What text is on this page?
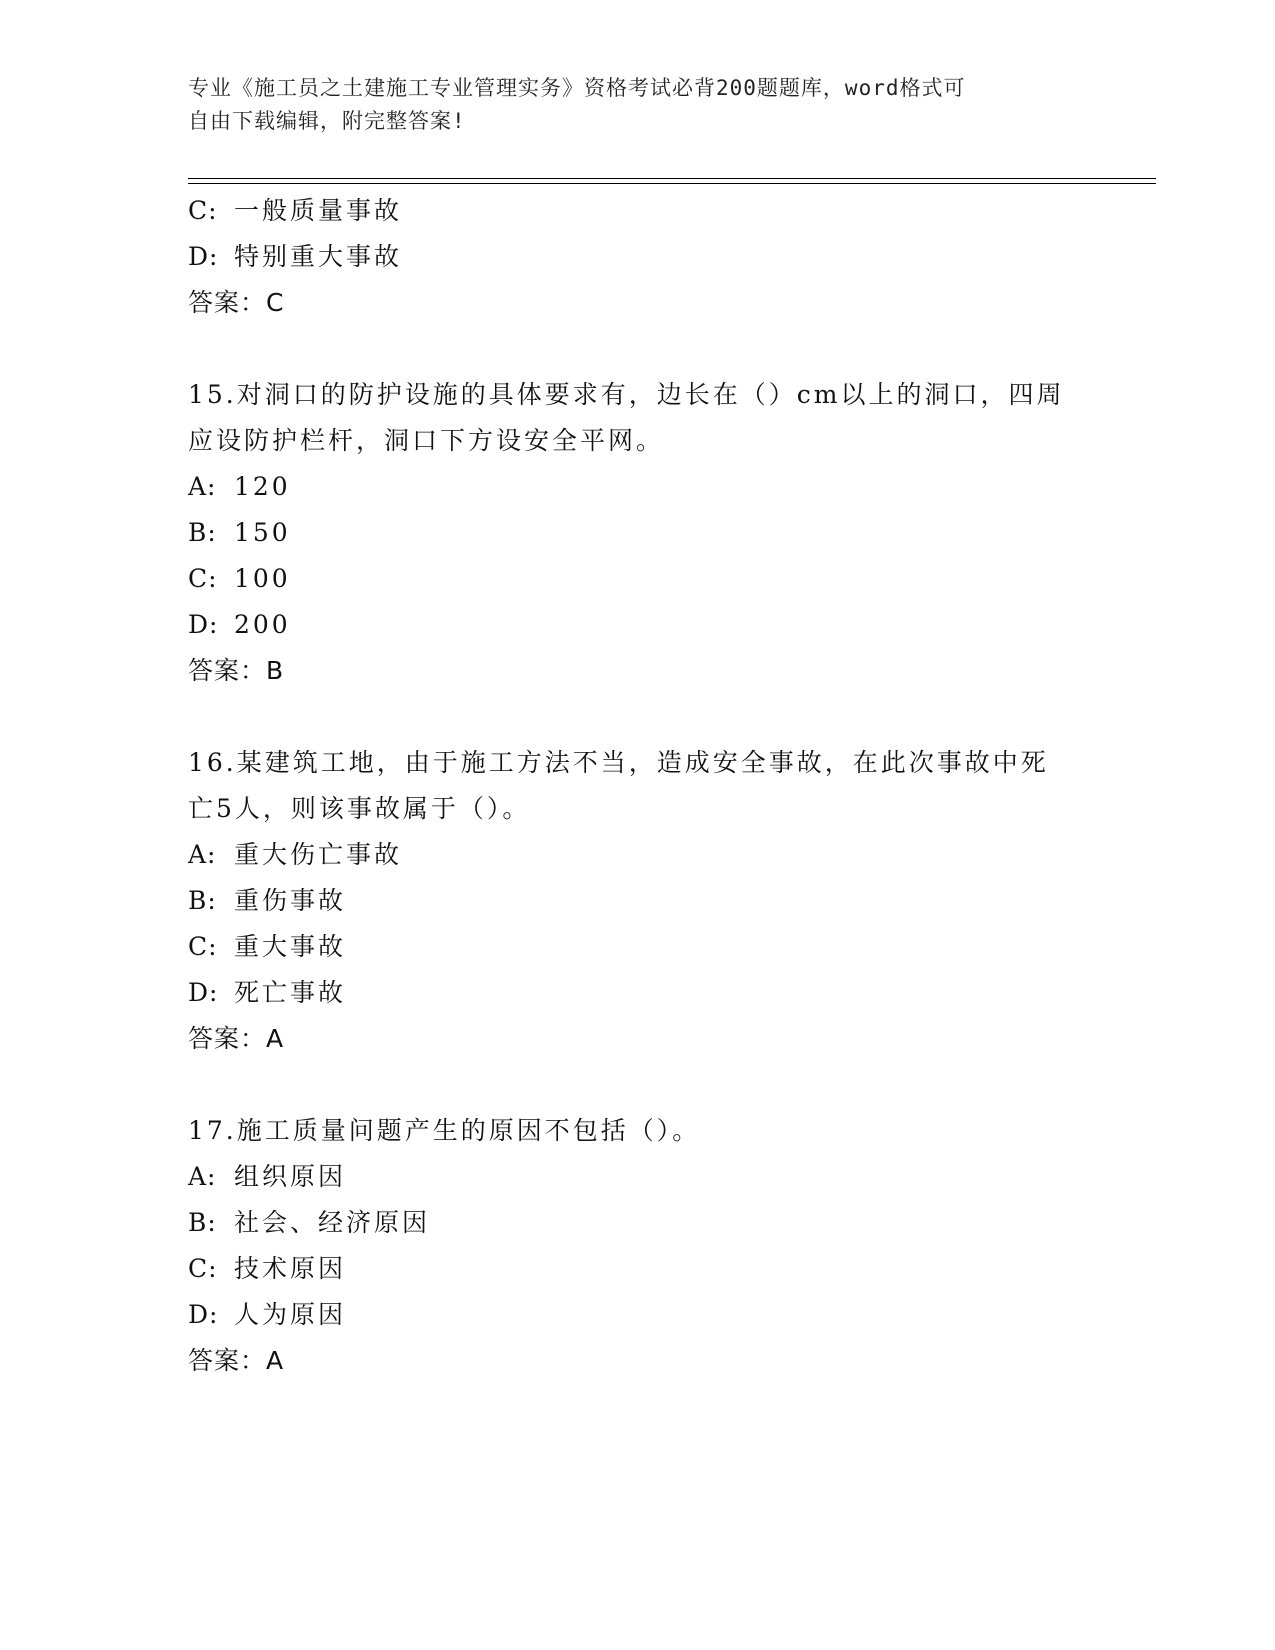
专业《施工员之土建施工专业管理实务》资格考试必背200题题库，word格式可
自由下载编辑，附完整答案!
C: 一般质量事故
D: 特别重大事故
答案：C
15.对洞口的防护设施的具体要求有，边长在（）cm以上的洞口，四周
应设防护栏杆，洞口下方设安全平网。
A: 120
B: 150
C: 100
D: 200
答案：B
16.某建筑工地，由于施工方法不当，造成安全事故，在此次事故中死
亡5人，则该事故属于（）。
A: 重大伤亡事故
B: 重伤事故
C: 重大事故
D: 死亡事故
答案：A
17.施工质量问题产生的原因不包括（）。
A: 组织原因
B: 社会、经济原因
C: 技术原因
D: 人为原因
答案：A
